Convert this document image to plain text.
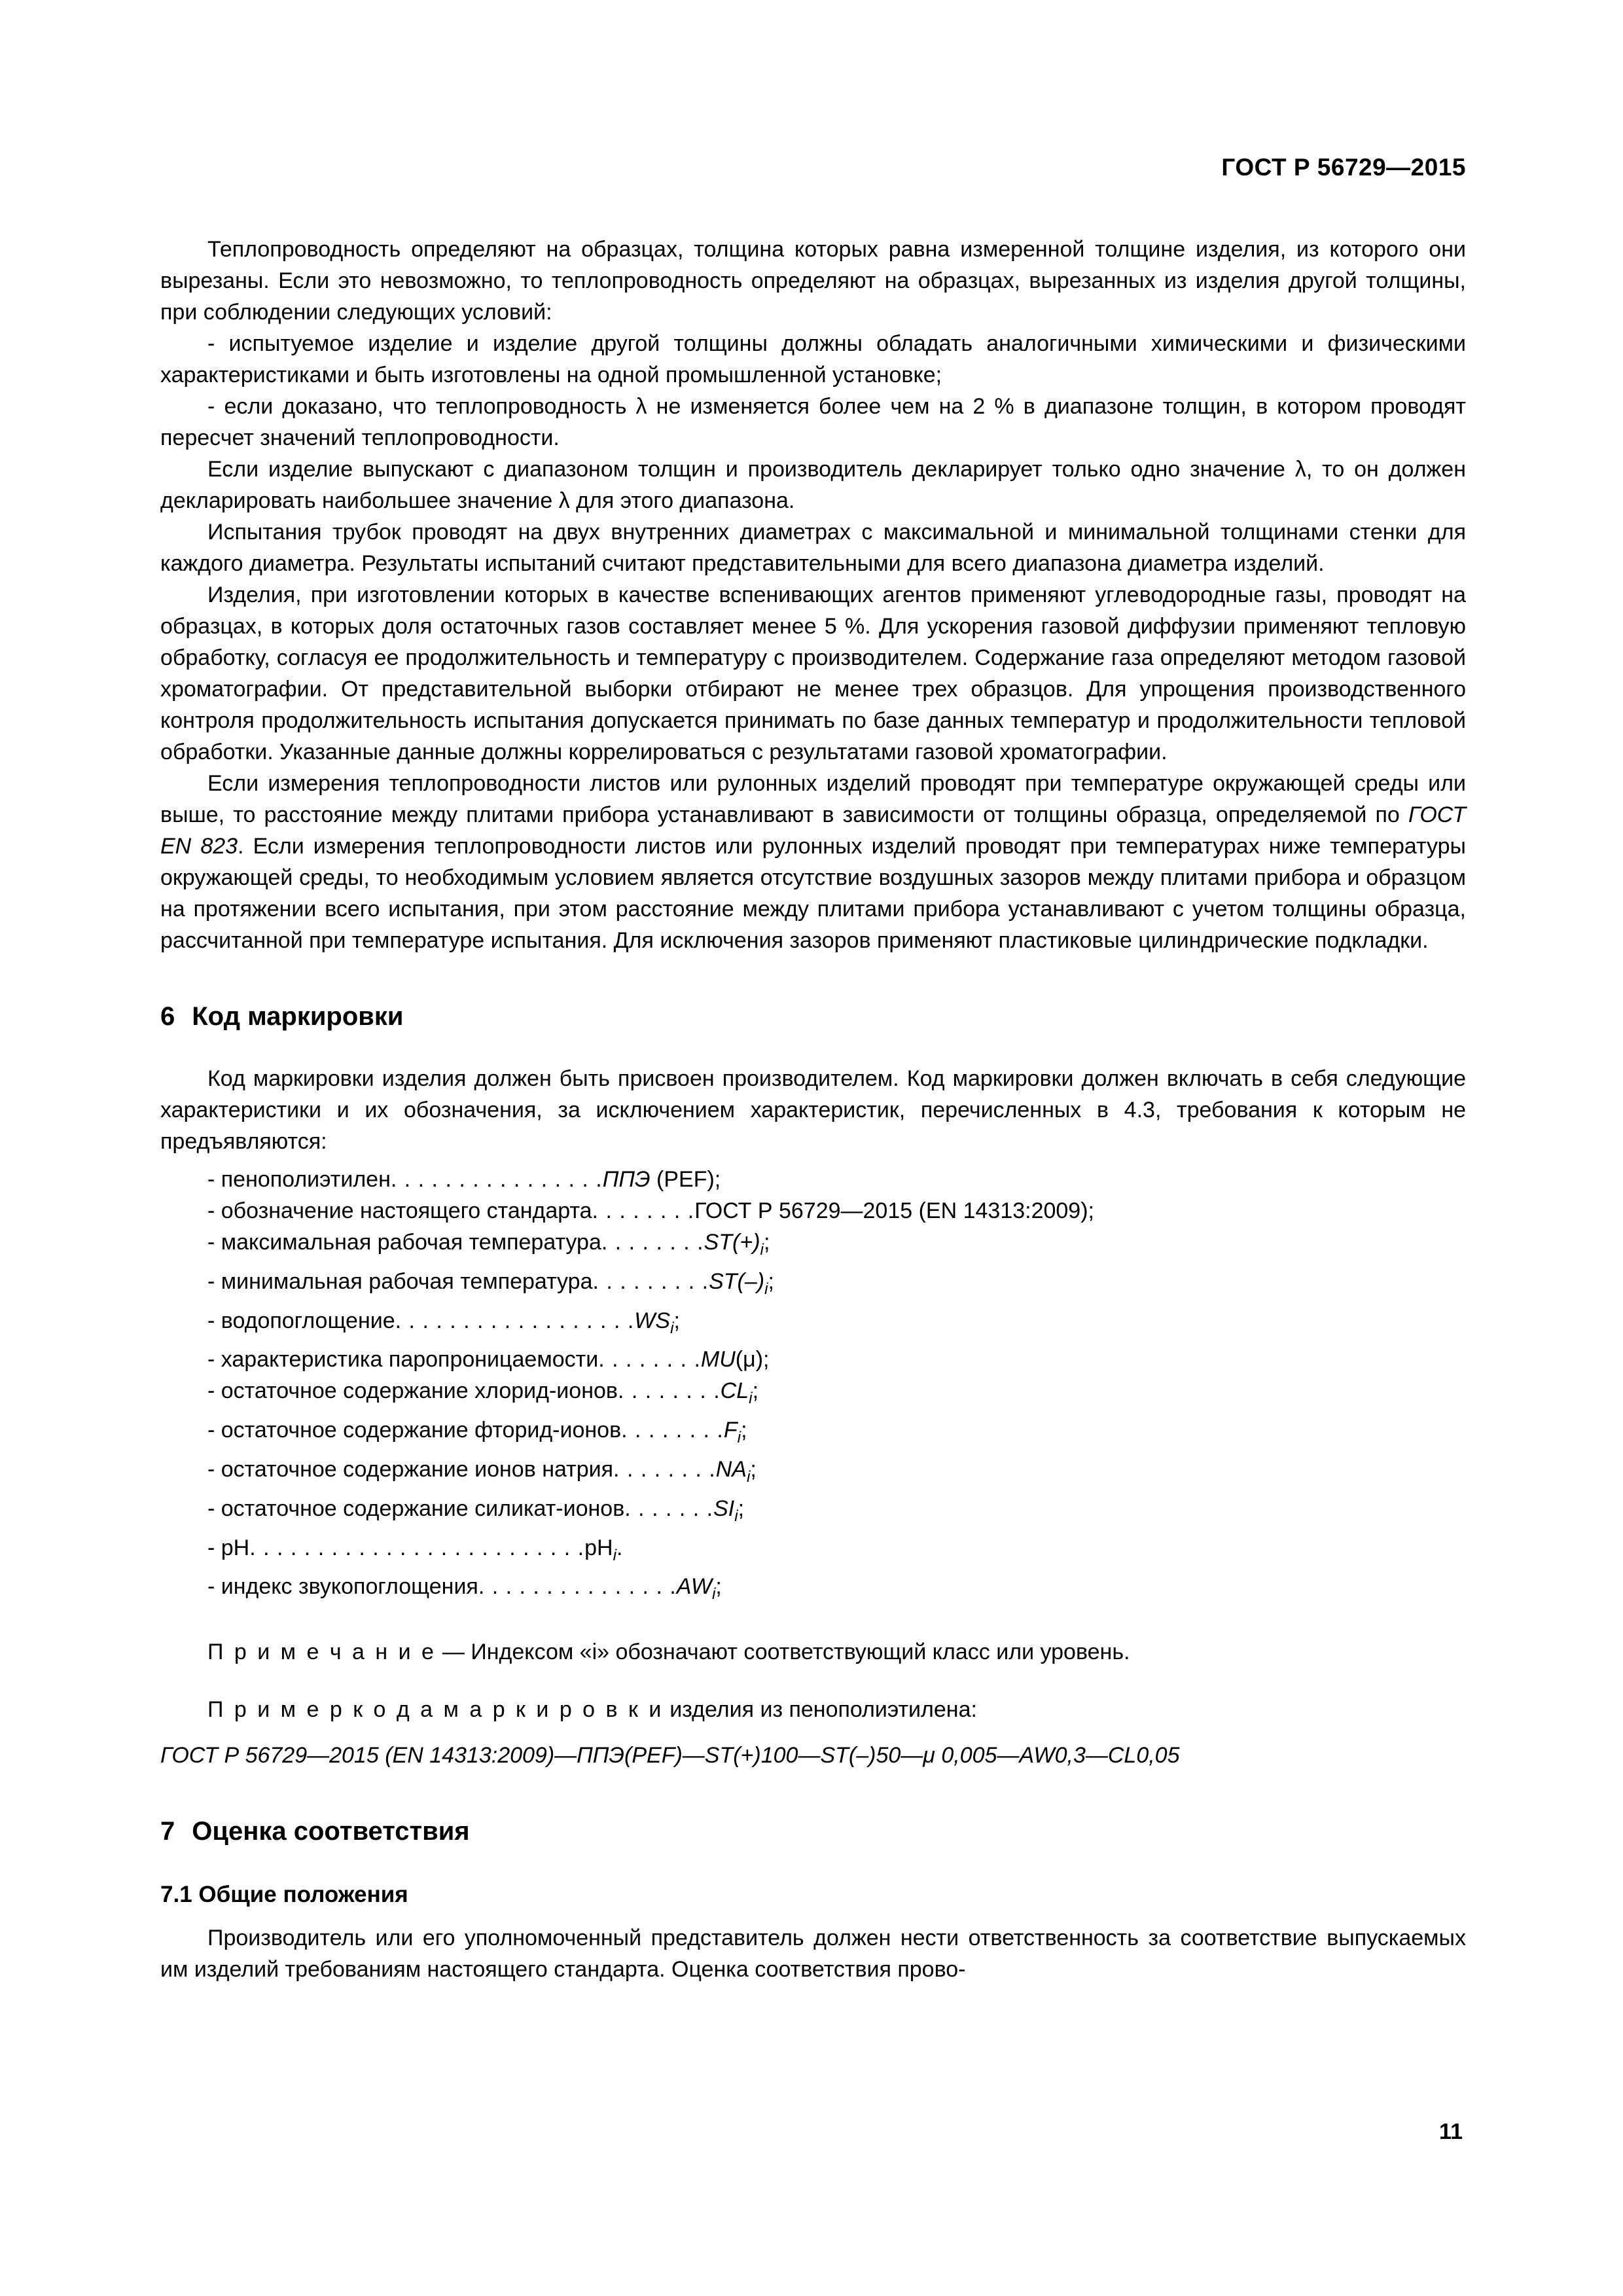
ГОСТ Р 56729—2015

Теплопроводность определяют на образцах, толщина которых равна измеренной толщине изделия, из которого они вырезаны. Если это невозможно, то теплопроводность определяют на образцах, вырезанных из изделия другой толщины, при соблюдении следующих условий:

- испытуемое изделие и изделие другой толщины должны обладать аналогичными химическими и физическими характеристиками и быть изготовлены на одной промышленной установке;

- если доказано, что теплопроводность λ не изменяется более чем на 2 % в диапазоне толщин, в котором проводят пересчет значений теплопроводности.

Если изделие выпускают с диапазоном толщин и производитель декларирует только одно значение λ, то он должен декларировать наибольшее значение λ для этого диапазона.

Испытания трубок проводят на двух внутренних диаметрах с максимальной и минимальной толщинами стенки для каждого диаметра. Результаты испытаний считают представительными для всего диапазона диаметра изделий.

Изделия, при изготовлении которых в качестве вспенивающих агентов применяют углеводородные газы, проводят на образцах, в которых доля остаточных газов составляет менее 5 %. Для ускорения газовой диффузии применяют тепловую обработку, согласуя ее продолжительность и температуру с производителем. Содержание газа определяют методом газовой хроматографии. От представительной выборки отбирают не менее трех образцов. Для упрощения производственного контроля продолжительность испытания допускается принимать по базе данных температур и продолжительности тепловой обработки. Указанные данные должны коррелироваться с результатами газовой хроматографии.

Если измерения теплопроводности листов или рулонных изделий проводят при температуре окружающей среды или выше, то расстояние между плитами прибора устанавливают в зависимости от толщины образца, определяемой по ГОСТ EN 823. Если измерения теплопроводности листов или рулонных изделий проводят при температурах ниже температуры окружающей среды, то необходимым условием является отсутствие воздушных зазоров между плитами прибора и образцом на протяжении всего испытания, при этом расстояние между плитами прибора устанавливают с учетом толщины образца, рассчитанной при температуре испытания. Для исключения зазоров применяют пластиковые цилиндрические подкладки.

6 Код маркировки

Код маркировки изделия должен быть присвоен производителем. Код маркировки должен включать в себя следующие характеристики и их обозначения, за исключением характеристик, перечисленных в 4.3, требования к которым не предъявляются:

- пенополиэтилен . . . . . . . . . . . . . . . . ППЭ (PEF);
- обозначение настоящего стандарта . . . . . . . . ГОСТ Р 56729—2015 (EN 14313:2009);
- максимальная рабочая температура . . . . . . . . $ST(+)_i$;
- минимальная рабочая температура . . . . . . . . . $ST(-)_i$;
- водопоглощение . . . . . . . . . . . . . . . . . . $WS_i$;
- характеристика паропроницаемости . . . . . . . . MU(μ);
- остаточное содержание хлорид-ионов . . . . . . . . $CL_i$;
- остаточное содержание фторид-ионов . . . . . . . . $F_i$;
- остаточное содержание ионов натрия . . . . . . . . $NA_i$;
- остаточное содержание силикат-ионов . . . . . . . $SI_i$;
- pH . . . . . . . . . . . . . . . . . . . . . . . . . $pH_i$.
- индекс звукопоглощения . . . . . . . . . . . . . . . $AW_i$;

П р и м е ч а н и е — Индексом «i» обозначают соответствующий класс или уровень.

П р и м е р к о д а м а р к и р о в к и изделия из пенополиэтилена:

ГОСТ Р 56729—2015 (EN 14313:2009)—ППЭ(PEF)—ST(+)100—ST(–)50—μ 0,005—AW0,3—CL0,05

7 Оценка соответствия
7.1 Общие положения

Производитель или его уполномоченный представитель должен нести ответственность за соответствие выпускаемых им изделий требованиям настоящего стандарта. Оценка соответствия прово-

11
